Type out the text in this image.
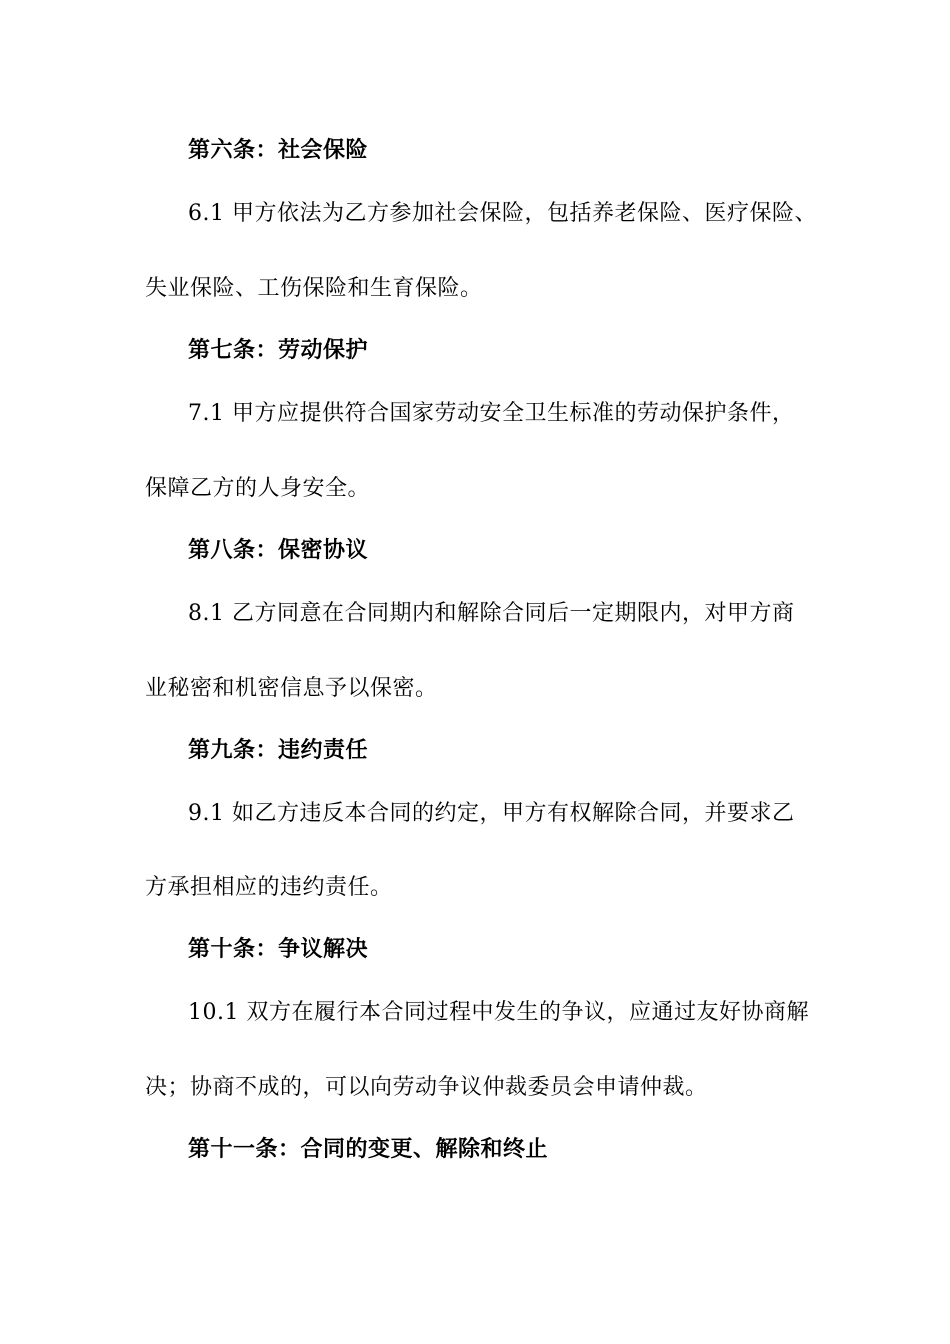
第六条：社会保险
6.1 甲方依法为乙方参加社会保险，包括养老保险、医疗保险、
失业保险、工伤保险和生育保险。
第七条：劳动保护
7.1 甲方应提供符合国家劳动安全卫生标准的劳动保护条件，
保障乙方的人身安全。
第八条：保密协议
8.1 乙方同意在合同期内和解除合同后一定期限内，对甲方商
业秘密和机密信息予以保密。
第九条：违约责任
9.1 如乙方违反本合同的约定，甲方有权解除合同，并要求乙
方承担相应的违约责任。
第十条：争议解决
10.1 双方在履行本合同过程中发生的争议，应通过友好协商解
决；协商不成的，可以向劳动争议仲裁委员会申请仲裁。
第十一条：合同的变更、解除和终止
